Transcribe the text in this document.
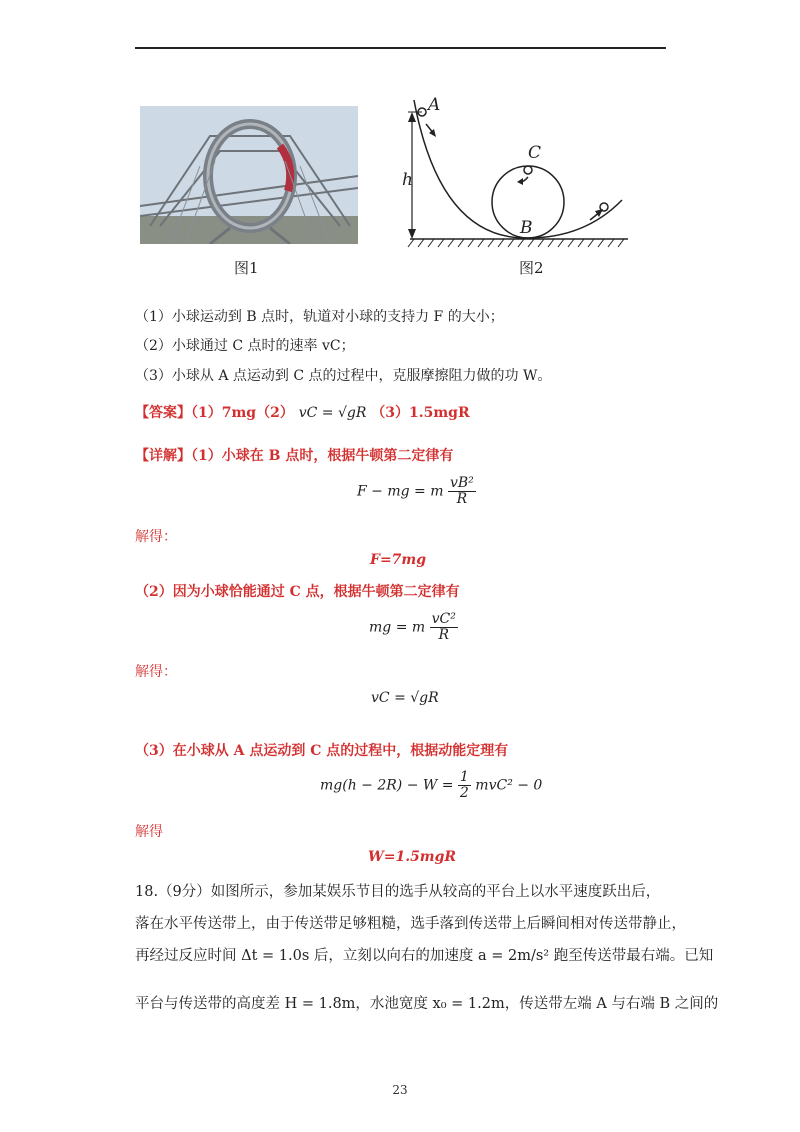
图1
h
A
C
B
图2
（1）小球运动到 B 点时，轨道对小球的支持力 F 的大小；
（2）小球通过 C 点时的速率 vC；
（3）小球从 A 点运动到 C 点的过程中，克服摩擦阻力做的功 W。
【答案】（1）7mg（2） vC = √gR （3）1.5mgR
【详解】（1）小球在 B 点时，根据牛顿第二定律有
F − mg = m $\frac{\text{vB²}}{R}$
解得：
F=7mg
（2）因为小球恰能通过 C 点，根据牛顿第二定律有
mg = m $\frac{\text{vC²}}{R}$
解得：
vC = √gR
（3）在小球从 A 点运动到 C 点的过程中，根据动能定理有
$mg(h - 2R) - W = \frac{1}{2} mvC^2 - 0$
解得
W=1.5mgR
18.（9分）如图所示，参加某娱乐节目的选手从较高的平台上以水平速度跃出后，
落在水平传送带上，由于传送带足够粗糙，选手落到传送带上后瞬间相对传送带静止，
再经过反应时间 Δt = 1.0s 后，立刻以向右的加速度 a = 2m/s² 跑至传送带最右端。已知
平台与传送带的高度差 H = 1.8m，水池宽度 x₀ = 1.2m，传送带左端 A 与右端 B 之间的
23
